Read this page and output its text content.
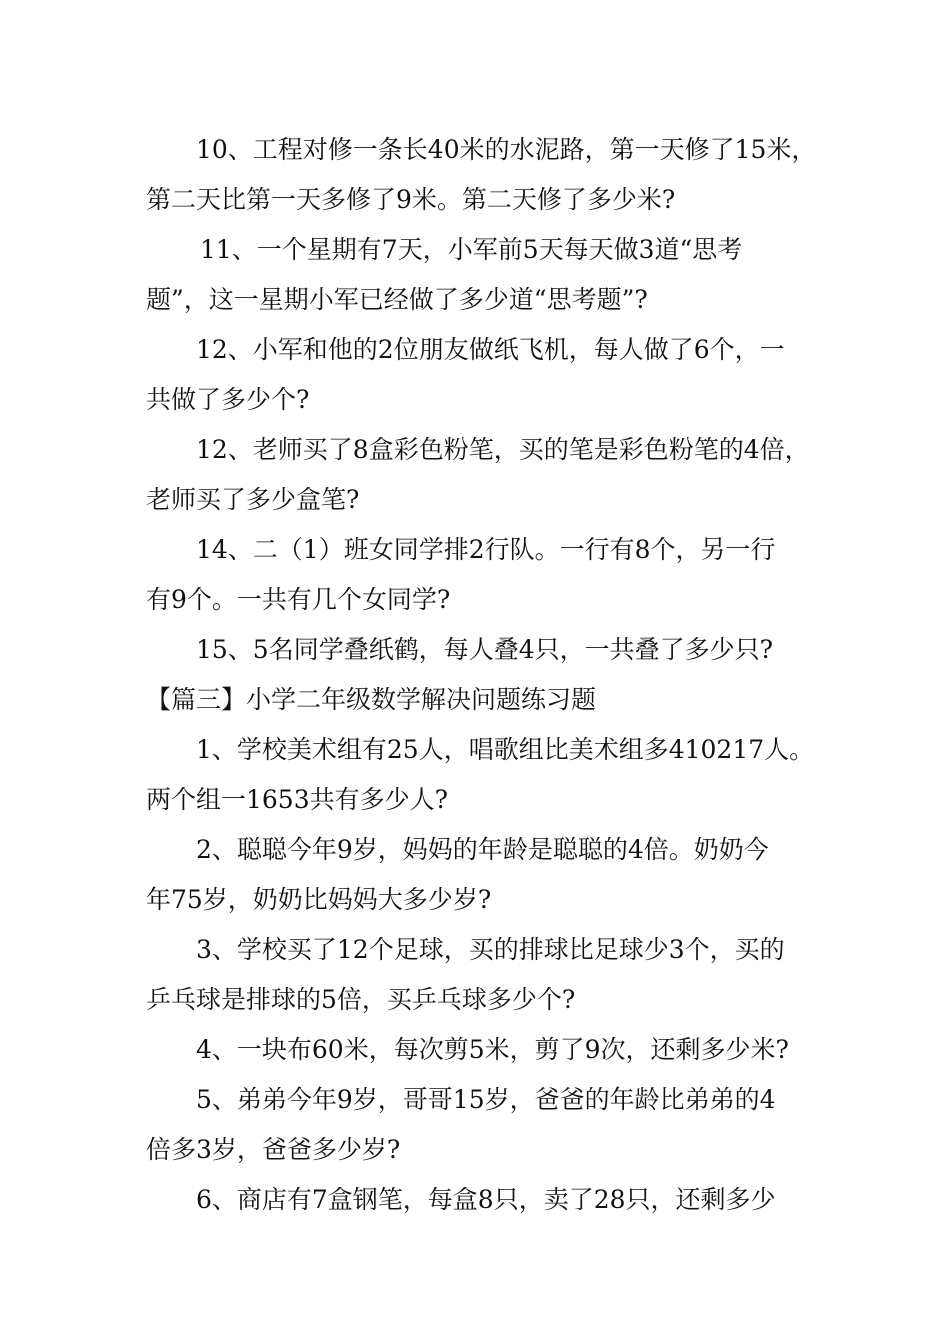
10、工程对修一条长40米的水泥路，第一天修了15米，
第二天比第一天多修了9米。第二天修了多少米?
11、一个星期有7天，小军前5天每天做3道“思考
题”，这一星期小军已经做了多少道“思考题”?
12、小军和他的2位朋友做纸飞机，每人做了6个，一
共做了多少个?
12、老师买了8盒彩色粉笔，买的笔是彩色粉笔的4倍，
老师买了多少盒笔?
14、二（1）班女同学排2行队。一行有8个，另一行
有9个。一共有几个女同学?
15、5名同学叠纸鹤，每人叠4只，一共叠了多少只?
【篇三】小学二年级数学解决问题练习题
1、学校美术组有25人，唱歌组比美术组多410217人。
两个组一1653共有多少人?
2、聪聪今年9岁，妈妈的年龄是聪聪的4倍。奶奶今
年75岁，奶奶比妈妈大多少岁?
3、学校买了12个足球，买的排球比足球少3个，买的
乒乓球是排球的5倍，买乒乓球多少个?
4、一块布60米，每次剪5米，剪了9次，还剩多少米?
5、弟弟今年9岁，哥哥15岁，爸爸的年龄比弟弟的4
倍多3岁，爸爸多少岁?
6、商店有7盒钢笔，每盒8只，卖了28只，还剩多少
